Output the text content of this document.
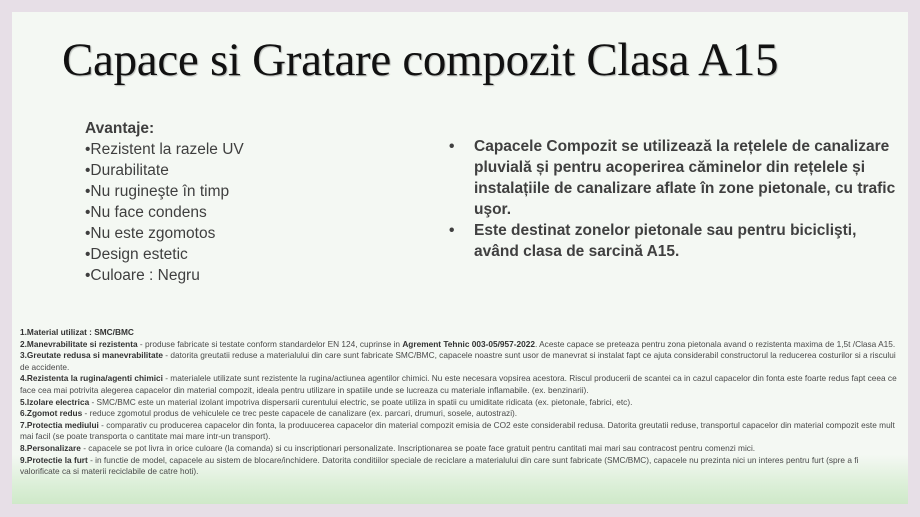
Capace si Gratare compozit Clasa A15
Avantaje:
•Rezistent la razele UV
•Durabilitate
•Nu rugineşte în timp
•Nu face condens
•Nu este zgomotos
•Design estetic
•Culoare : Negru
• Capacele Compozit se utilizează la rețelele de canalizare pluvială și pentru acoperirea căminelor din rețelele și instalațiile de canalizare aflate în zone pietonale, cu trafic uşor.
• Este destinat zonelor pietonale sau pentru biciclişti, având clasa de sarcină A15.

1.Material utilizat : SMC/BMC

2.Manevrabilitate si rezistenta - produse fabricate si testate conform standardelor EN 124, cuprinse in Agrement Tehnic 003-05/957-2022. Aceste capace se preteaza pentru zona pietonala avand o rezistenta maxima de 1,5t /Clasa A15.

3.Greutate redusa si manevrabilitate - datorita greutatii reduse a materialului din care sunt fabricate SMC/BMC, capacele noastre sunt usor de manevrat si instalat fapt ce ajuta considerabil constructorul la reducerea costurilor si a riscului de accidente.

4.Rezistenta la rugina/agenti chimici - materialele utilizate sunt rezistente la rugina/actiunea agentilor chimici. Nu este necesara vopsirea acestora. Riscul producerii de scantei ca in cazul capacelor din fonta este foarte redus fapt ceea ce face cea mai potrivita alegerea capacelor din material compozit, ideala pentru utilizare in spatiile unde se lucreaza cu materiale inflamabile. (ex. benzinarii).

5.Izolare electrica - SMC/BMC este un material izolant impotriva dispersarii curentului electric, se poate utiliza in spatii cu umiditate ridicata (ex. pietonale, fabrici, etc).

6.Zgomot redus - reduce zgomotul produs de vehiculele ce trec peste capacele de canalizare (ex. parcari, drumuri, sosele, autostrazi).

7.Protectia mediului - comparativ cu producerea capacelor din fonta, la produucerea capacelor din material compozit emisia de CO2 este considerabil redusa. Datorita greutatii reduse, transportul capacelor din material compozit este mult mai facil (se poate transporta o cantitate mai mare intr-un transport).

8.Personalizare - capacele se pot livra in orice culoare (la comanda) si cu inscriptionari personalizate. Inscriptionarea se poate face gratuit pentru cantitati mai mari sau contracost pentru comenzi mici.

9.Protectie la furt - in functie de model, capacele au sistem de blocare/inchidere. Datorita conditiilor speciale de reciclare a materialului din care sunt fabricate (SMC/BMC), capacele nu prezinta nici un interes pentru furt (spre a fi valorificate ca si materii reciclabile de catre hoti).
